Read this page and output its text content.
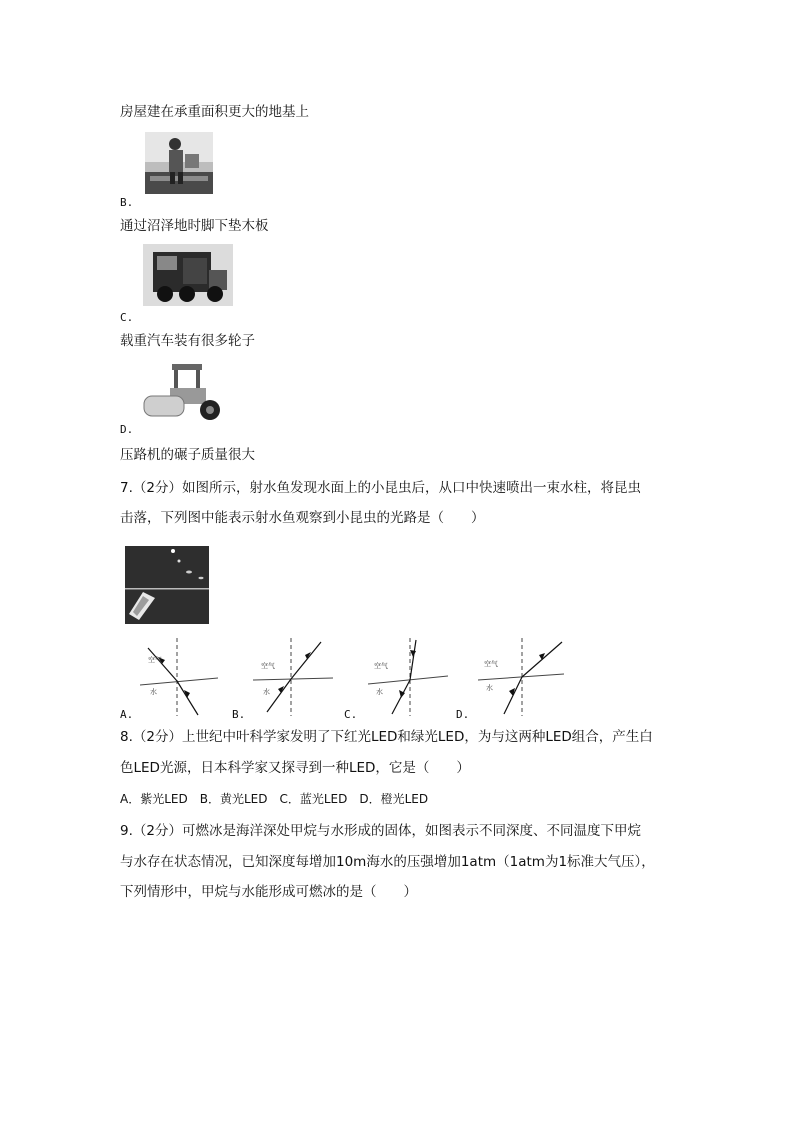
房屋建在承重面积更大的地基上
B.
通过沼泽地时脚下垫木板
C.
载重汽车装有很多轮子
D.
压路机的碾子质量很大
7.（2分）如图所示，射水鱼发现水面上的小昆虫后，从口中快速喷出一束水柱，将昆虫
击落，下列图中能表示射水鱼观察到小昆虫的光路是（　　）
空气
水
A.
空气
水
B.
空气
水
C.
空气
水
D.
8.（2分）上世纪中叶科学家发明了下红光LED和绿光LED，为与这两种LED组合，产生白
色LED光源，日本科学家又探寻到一种LED，它是（　　）
A．紫光LED　B．黄光LED　C．蓝光LED　D．橙光LED
9.（2分）可燃冰是海洋深处甲烷与水形成的固体，如图表示不同深度、不同温度下甲烷
与水存在状态情况，已知深度每增加10m海水的压强增加1atm（1atm为1标准大气压），
下列情形中，甲烷与水能形成可燃冰的是（　　）
